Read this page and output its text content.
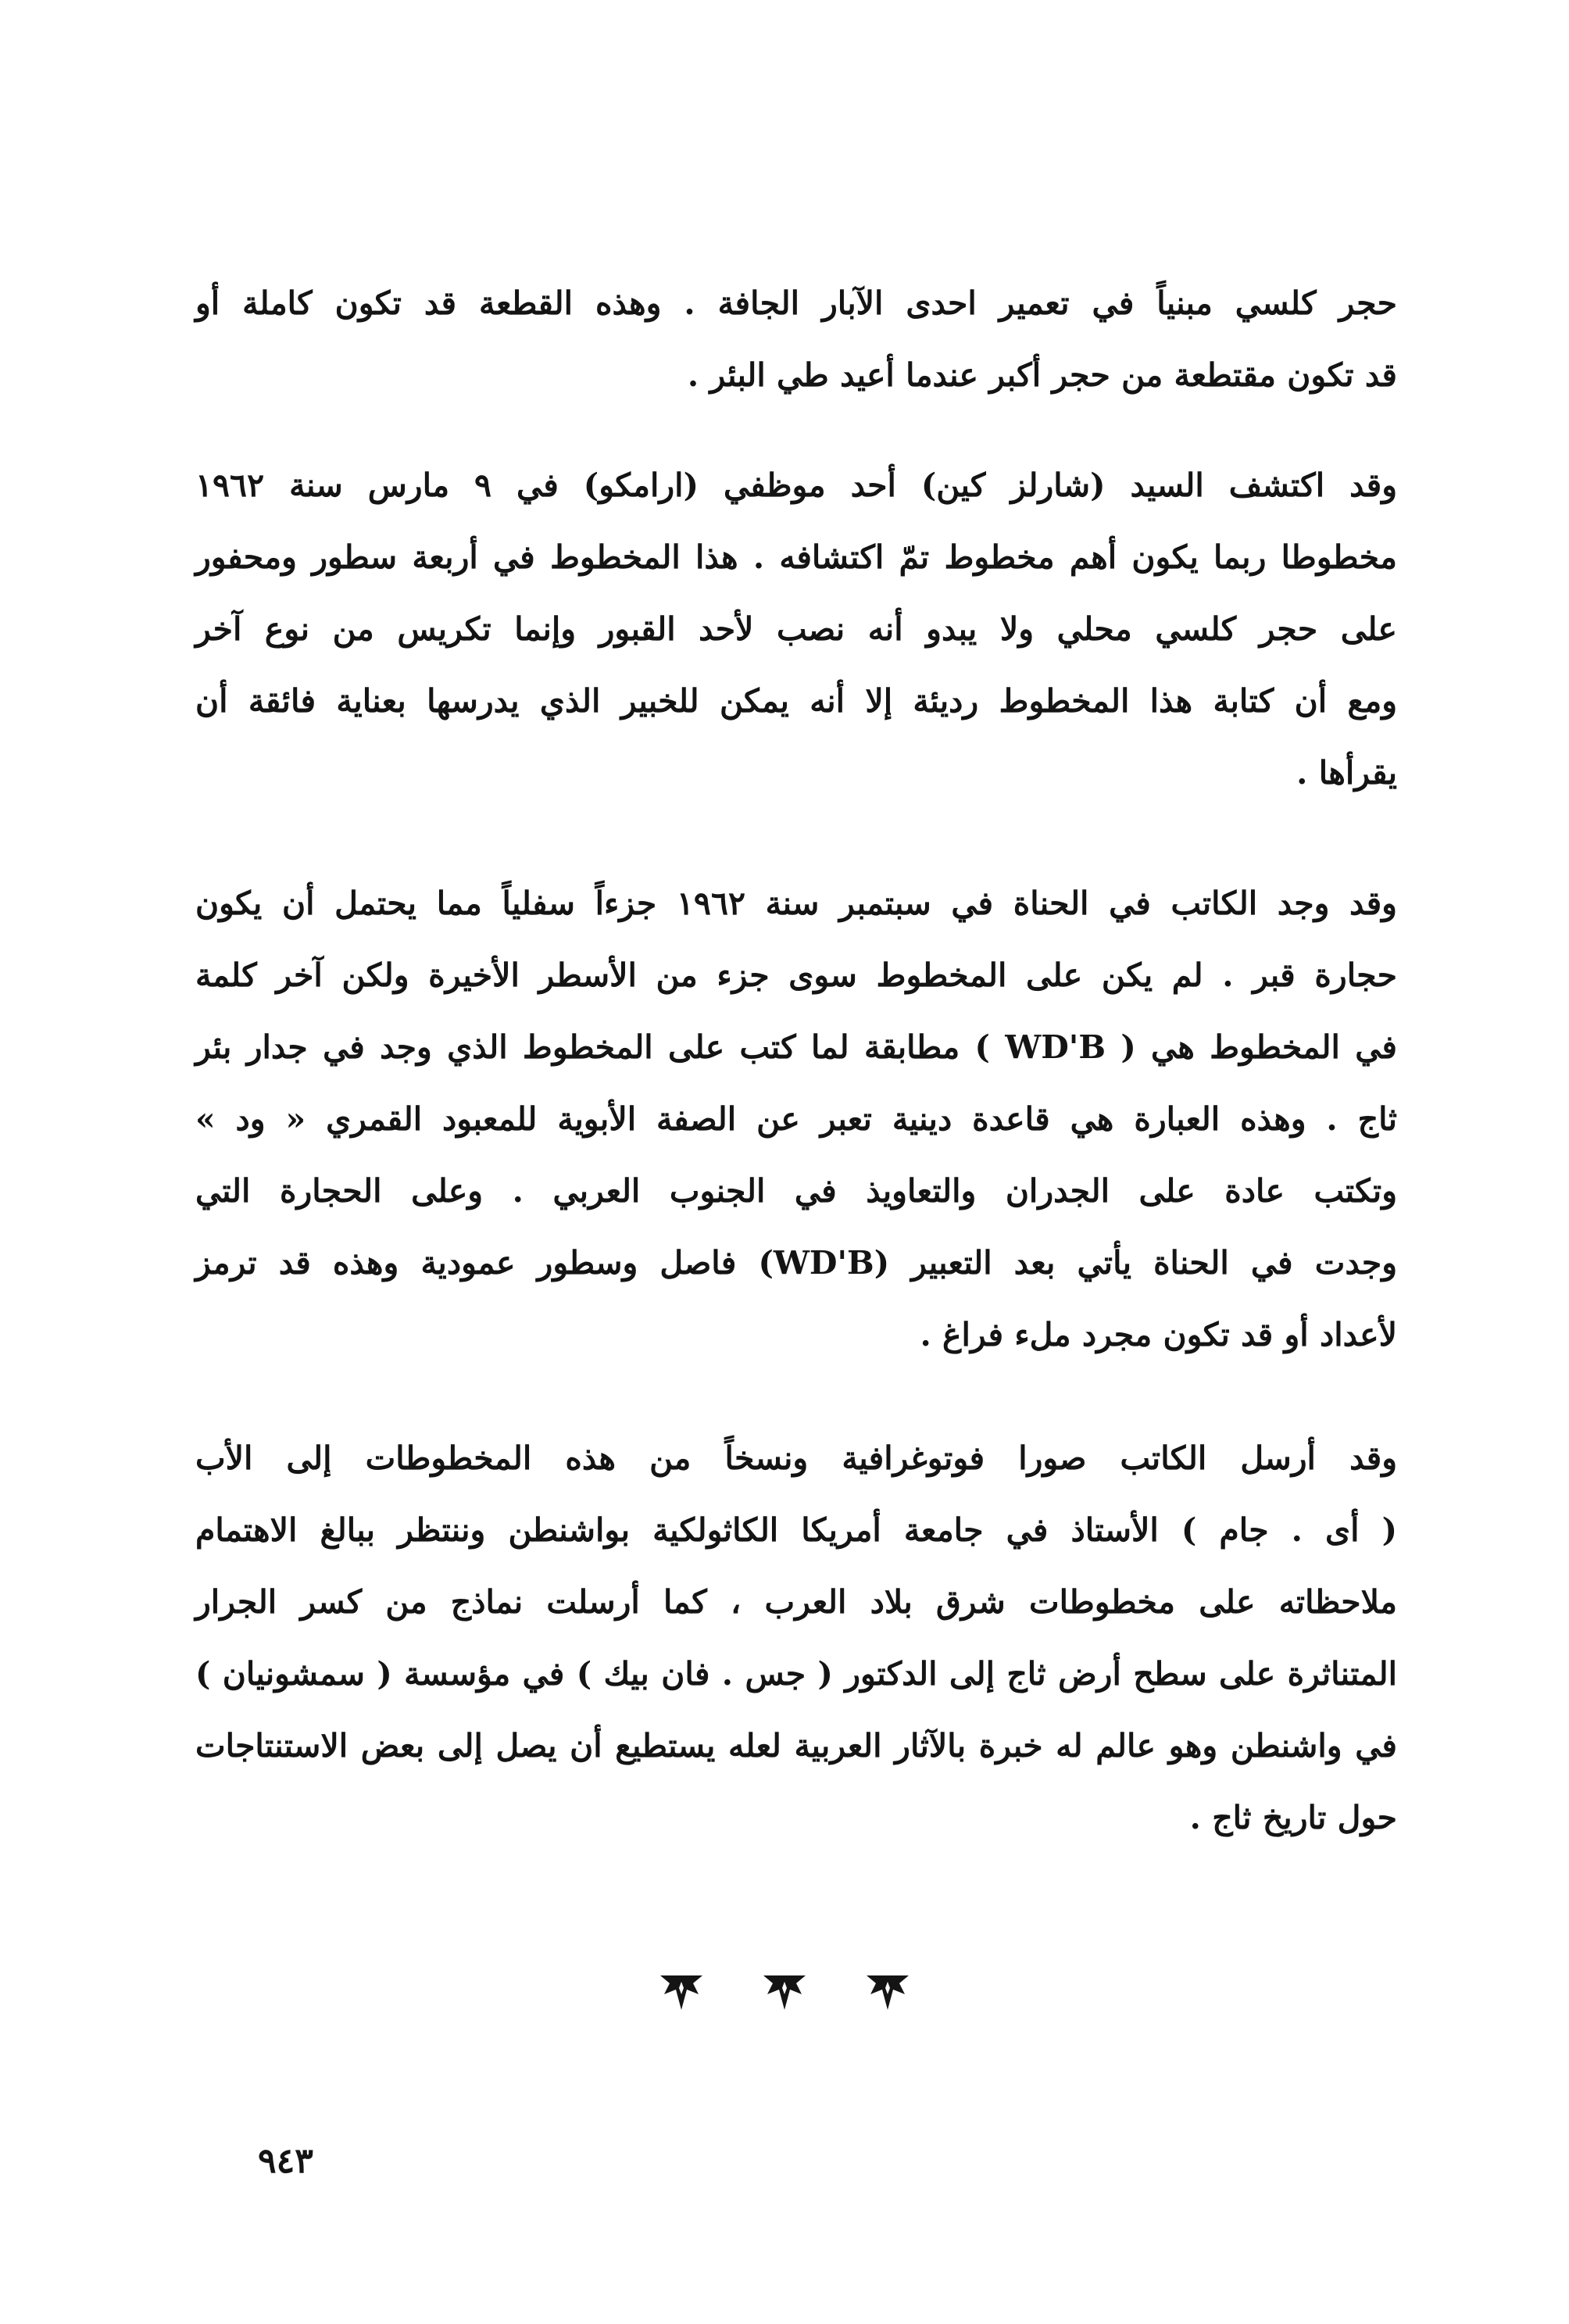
حجر كلسي مبنياً في تعمير احدى الآبار الجافة . وهذه القطعة قد تكون كاملة أو
قد تكون مقتطعة من حجر أكبر عندما أعيد طي البئر .
وقد اكتشف السيد (شارلز كين) أحد موظفي (ارامكو) في ٩ مارس سنة ١٩٦٢
مخطوطا ربما يكون أهم مخطوط تمّ اكتشافه . هذا المخطوط في أربعة سطور ومحفور
على حجر كلسي محلي ولا يبدو أنه نصب لأحد القبور وإنما تكريس من نوع آخر
ومع أن كتابة هذا المخطوط رديئة إلا أنه يمكن للخبير الذي يدرسها بعناية فائقة أن
يقرأها .
وقد وجد الكاتب في الحناة في سبتمبر سنة ١٩٦٢ جزءاً سفلياً مما يحتمل أن يكون
حجارة قبر . لم يكن على المخطوط سوى جزء من الأسطر الأخيرة ولكن آخر كلمة
في المخطوط هي ( WD'B ) مطابقة لما كتب على المخطوط الذي وجد في جدار بئر
ثاج . وهذه العبارة هي قاعدة دينية تعبر عن الصفة الأبوية للمعبود القمري « ود »
وتكتب عادة على الجدران والتعاويذ في الجنوب العربي . وعلى الحجارة التي
وجدت في الحناة يأتي بعد التعبير (WD'B) فاصل وسطور عمودية وهذه قد ترمز
لأعداد أو قد تكون مجرد ملء فراغ .
وقد أرسل الكاتب صورا فوتوغرافية ونسخاً من هذه المخطوطات إلى الأب
( أى . جام ) الأستاذ في جامعة أمريكا الكاثولكية بواشنطن وننتظر ببالغ الاهتمام
ملاحظاته على مخطوطات شرق بلاد العرب ، كما أرسلت نماذج من كسر الجرار
المتناثرة على سطح أرض ثاج إلى الدكتور ( جس . فان بيك ) في مؤسسة ( سمشونيان )
في واشنطن وهو عالم له خبرة بالآثار العربية لعله يستطيع أن يصل إلى بعض الاستنتاجات
حول تاريخ ثاج .
٩٤٣
